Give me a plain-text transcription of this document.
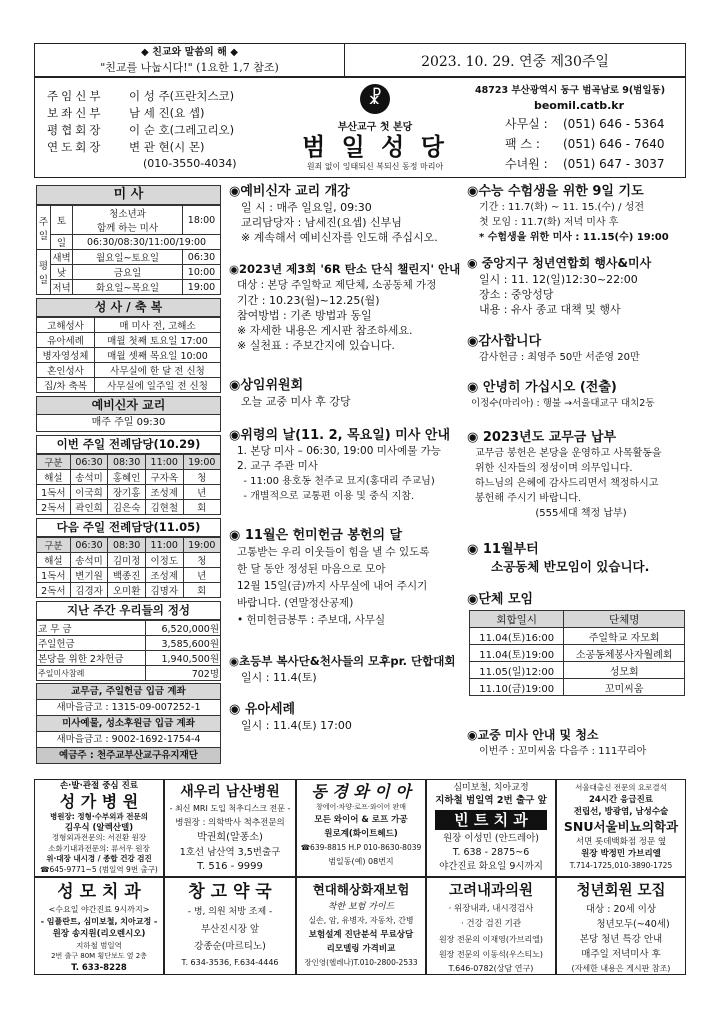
◆ 친교와 말씀의 해 ◆
"친교를 나눕시다!" (1요한 1,7 참조)	2023. 10. 29. 연중 제30주일
주임신부 이 성 주(프란치스코)
보좌신부 남 세 진(요 셉)
평협회장 이 순 호(그레고리오)
연도회장 변 관 현(시 몬)
(010-3550-4034)
☧
부산교구 첫 본당
범 일 성 당
원죄 없이 잉태되신 복되신 동정 마리아
48723 부산광역시 동구 범곡남로 9(범일동)
beomil.catb.kr
사무실 : (051) 646 - 5364
팩 스 : (051) 646 - 7640
수녀원 : (051) 647 - 3037
미 사
주일	토	청소년과
함께 하는 미사	18:00
	일	06:30/08:30/11:00/19:00	
평일	새벽	월요일~토요일	06:30
	낮	금요일	10:00
	저녁	화요일~목요일	19:00
성 사 / 축 복
고해성사	매 미사 전, 고해소
유아세례	매월 첫째 토요일 17:00
병자영성체	매월 셋째 목요일 10:00
혼인성사	사무실에 한 달 전 신청
집/차 축복	사무실에 일주일 전 신청
예비신자 교리
매주 주일 09:30
이번 주일 전례담당(10.29)
구분	06:30	08:30	11:00	19:00
해설	송석미	홍혜인	구자옥	청
1독서	이국희	장기홍	조성제	년
2독서	곽인희	김은숙	김현철	회
다음 주일 전례담당(11.05)
구분	06:30	08:30	11:00	19:00
해설	송석미	김미정	이정도	청
1독서	변기원	백종진	조성제	년
2독서	김경자	오미환	김명자	회
지난 주간 우리들의 정성
교 무 금	6,520,000원
주일헌금	3,585,600원
본당을 위한 2차헌금	1,940,500원
주일미사참례	702명
교무금, 주일헌금 입금 계좌
새마을금고 : 1315-09-007252-1
미사예물, 성소후원금 입금 계좌
새마을금고 : 9002-1692-1754-4
예금주 : 천주교부산교구유지재단
◉예비신자 교리 개강
일 시 : 매주 일요일, 09:30
교리담당자 : 남세진(요셉) 신부님
※ 계속해서 예비신자를 인도해 주십시오.
◉2023년 제3회 '6R 탄소 단식 챌린지' 안내
대상 : 본당 주일학교 제단체, 소공동체 가정
기간 : 10.23(월)~12.25(월)
참여방법 : 기존 방법과 동일
※ 자세한 내용은 게시판 참조하세요.
※ 실천표 : 주보간지에 있습니다.
◉상임위원회
오늘 교중 미사 후 강당
◉위령의 날(11. 2, 목요일) 미사 안내
1. 본당 미사 – 06:30, 19:00 미사예물 가능
2. 교구 주관 미사
- 11:00 용호동 천주교 묘지(홍대리 주교님)
- 개별적으로 교통편 이용 및 중식 지참.
◉ 11월은 헌미헌금 봉헌의 달
고통받는 우리 이웃들이 힘을 낼 수 있도록
한 달 동안 정성된 마음으로 모아
12월 15일(금)까지 사무실에 내어 주시기
바랍니다. (연말정산공제)
• 헌미헌금봉투 : 주보대, 사무실
◉초등부 복사단&천사들의 모후pr. 단합대회
일시 : 11.4(토)
◉ 유아세례
일시 : 11.4(토) 17:00
◉수능 수험생을 위한 9일 기도
기간 : 11.7(화) ~ 11. 15.(수) / 성전
첫 모임 : 11.7(화) 저녁 미사 후
* 수험생을 위한 미사 : 11.15(수) 19:00
◉ 중앙지구 청년연합회 행사&미사
일시 : 11. 12(일)12:30~22:00
장소 : 중앙성당
내용 : 유사 종교 대책 및 행사
◉감사합니다
감사헌금 : 최영주 50만 서준영 20만
◉ 안녕히 가십시오 (전출)
이정수(마리아) : 행불 →서울대교구 대치2동
◉ 2023년도 교무금 납부
교무금 봉헌은 본당을 운영하고 사목활동을
위한 신자들의 정성이며 의무입니다.
하느님의 은혜에 감사드리면서 책정하시고
봉헌해 주시기 바랍니다.
(555세대 책정 납부)
◉ 11월부터
소공동체 반모임이 있습니다.
◉단체 모임
회합일시	단체명
11.04(토)16:00	주일학교 자모회
11.04(토)19:00	소공동체봉사자월례회
11.05(일)12:00	성모회
11.10(금)19:00	꼬미씨움
◉교중 미사 안내 및 청소
이번주 : 꼬미씨움 다음주 : 111꾸리아
손·발·관절 중심 진료
성 가 병 원
병원장: 정형·수부외과 전문의
김우식 (알렉산델)
정형외과전문의: 서진환 원장
소화기내과전문의: 류서우 원장
위·대장 내시경 / 종합 건강 검진
☎645-9771~5 (범일역 9번 출구)
새우리 남산병원
- 최신 MRI 도입 척추디스크 전문 -
병원장 : 의학박사 척추전문의
박권희(알퐁소)
1호선 남산역 3,5번출구
T. 516 - 9999
동 경 와 이 아
창에어·차양·로프·와이어 판매
모든 와이어 & 로프 가공
원로계(화이트헤드)
☎639-8815 H.P 010-8630-8039
범일동(예) 08번지
심미보철, 치아교정
지하철 범일역 2번 출구 앞
빈 트 치 과
원장 이성민 (안드레아)
T. 638 - 2875~6
야간진료 화요일 9시까지
서울대출신 전문의 요로결석
24시간 응급진료
전립선, 방광염, 남성수술
SNU서울비뇨의학과
서면 롯데백화점 정문 옆
원장 박정민 가브리엘
T.714-1725,010-3890-1725
성 모 치 과
<수요일 야간진료 9시까지>
- 임플란트, 심미보철, 치아교정 -
원장 송지원(리오렌시오)
지하철 범일역
2번 출구 80M 횡단보도 옆 2층
T. 633-8228
창 고 약 국
- 병, 의원 처방 조제 -
부산진시장 앞
강종순(마르티노)
T. 634-3536, F.634-4446
현대해상화재보험
착한 보험 가이드
실손, 암, 유병자, 자동차, 간병
보험설계 진단분석 무료상담
리모델링 가격비교
장인영(헬레나)T.010-2800-2533
고려내과의원
· 위장내과, 내시경검사
· 건강 검진 기관
원장 전문의 이재영(가브리엘)
원장 전문의 이동석(우스티노)
T.646-0782(상담 연구)
청년회원 모집
대상 : 20세 이상
청년모두(~40세)
본당 청년 특강 안내
매주일 저녁미사 후
(자세한 내용은 게시판 참조)
